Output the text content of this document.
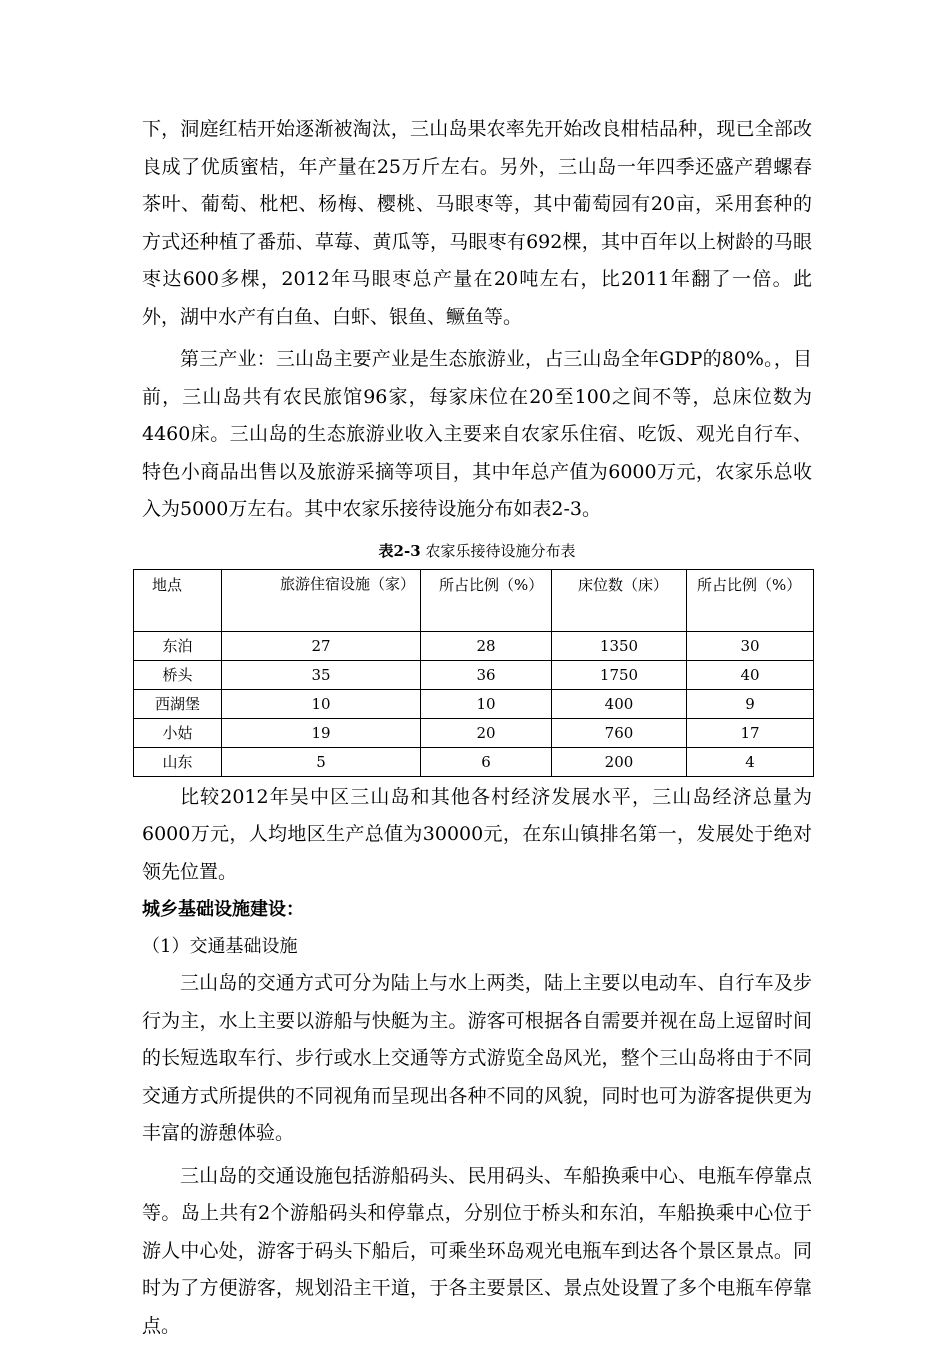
下，洞庭红桔开始逐渐被淘汰，三山岛果农率先开始改良柑桔品种，现已全部改良成了优质蜜桔，年产量在25万斤左右。另外，三山岛一年四季还盛产碧螺春茶叶、葡萄、枇杷、杨梅、樱桃、马眼枣等，其中葡萄园有20亩，采用套种的方式还种植了番茄、草莓、黄瓜等，马眼枣有692棵，其中百年以上树龄的马眼枣达600多棵，2012年马眼枣总产量在20吨左右，比2011年翻了一倍。此外，湖中水产有白鱼、白虾、银鱼、鳜鱼等。

第三产业：三山岛主要产业是生态旅游业，占三山岛全年GDP的80%。，目前，三山岛共有农民旅馆96家，每家床位在20至100之间不等，总床位数为4460床。三山岛的生态旅游业收入主要来自农家乐住宿、吃饭、观光自行车、特色小商品出售以及旅游采摘等项目，其中年总产值为6000万元，农家乐总收入为5000万左右。其中农家乐接待设施分布如表2-3。

表2-3 农家乐接待设施分布表
地点	旅游住宿设施（家）	所占比例（%）	床位数（床）	所占比例（%）
东泊	27	28	1350	30
桥头	35	36	1750	40
西湖堡	10	10	400	9
小姑	19	20	760	17
山东	5	6	200	4

比较2012年吴中区三山岛和其他各村经济发展水平，三山岛经济总量为6000万元，人均地区生产总值为30000元，在东山镇排名第一，发展处于绝对领先位置。

城乡基础设施建设：

（1）交通基础设施

三山岛的交通方式可分为陆上与水上两类，陆上主要以电动车、自行车及步行为主，水上主要以游船与快艇为主。游客可根据各自需要并视在岛上逗留时间的长短选取车行、步行或水上交通等方式游览全岛风光，整个三山岛将由于不同交通方式所提供的不同视角而呈现出各种不同的风貌，同时也可为游客提供更为丰富的游憩体验。

三山岛的交通设施包括游船码头、民用码头、车船换乘中心、电瓶车停靠点等。岛上共有2个游船码头和停靠点，分别位于桥头和东泊，车船换乘中心位于游人中心处，游客于码头下船后，可乘坐环岛观光电瓶车到达各个景区景点。同时为了方便游客，规划沿主干道，于各主要景区、景点处设置了多个电瓶车停靠点。
